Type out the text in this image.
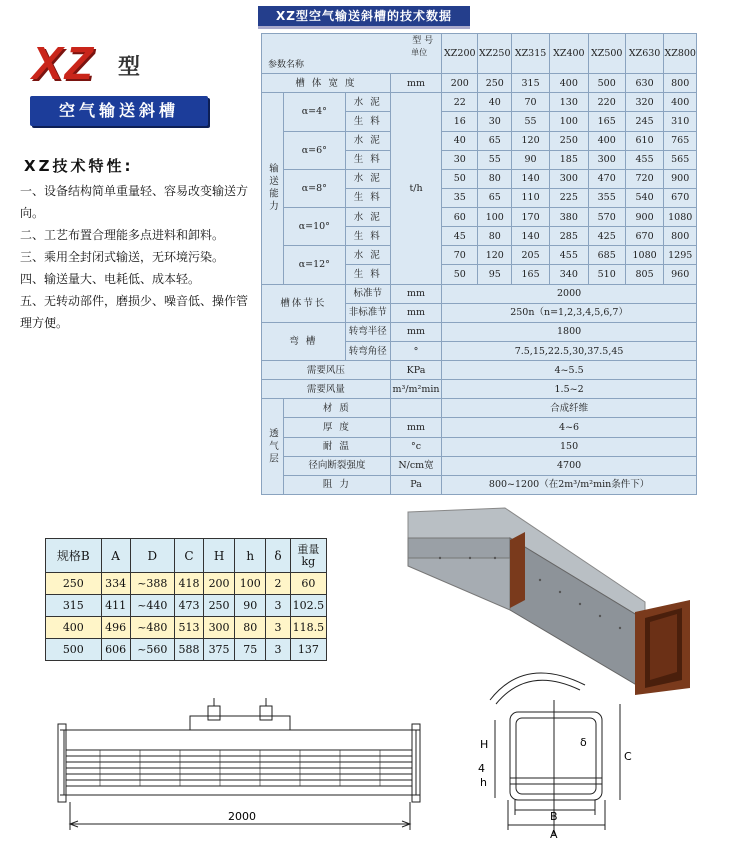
XZ 型
空气输送斜槽
XZ技术特性:
一、设备结构简单重量轻、容易改变输送方向。
二、工艺布置合理能多点进料和卸料。
三、乘用全封闭式输送，无环境污染。
四、输送量大、电耗低、成本轻。
五、无转动部件，磨损少、噪音低、操作管理方便。
XZ型空气输送斜槽的技术数据
型 号
单位
参数名称				XZ200	XZ250	XZ315	XZ400	XZ500	XZ630	XZ800
槽 体 宽 度			mm	200	250	315	400	500	630	800
输送能力	α=4°	水 泥	t/h	22	40	70	130	220	320	400
		生 料		16	30	55	100	165	245	310
	α=6°	水 泥		40	65	120	250	400	610	765
		生 料		30	55	90	185	300	455	565
	α=8°	水 泥		50	80	140	300	470	720	900
		生 料		35	65	110	225	355	540	670
	α=10°	水 泥		60	100	170	380	570	900	1080
		生 料		45	80	140	285	425	670	800
	α=12°	水 泥		70	120	205	455	685	1080	1295
		生 料		50	95	165	340	510	805	960
槽体节长		标准节	mm	2000						
		非标准节	mm	250n（n=1,2,3,4,5,6,7）						
弯 槽		转弯半径	mm	1800						
		转弯角径	°	7.5,15,22.5,30,37.5,45						
需要风压			KPa	4~5.5						
需要风量			m³/m²min	1.5~2						
透气层	材 质			合成纤维						
	厚 度		mm	4~6						
	耐 温		°c	150						
	径向断裂强度		N/cm宽	4700						
	阻 力		Pa	800~1200（在2m³/m²min条件下）						
规格B	A	D	C	H	h	δ	重量 kg
250	334	~388	418	200	100	2	60
315	411	~440	473	250	90	3	102.5
400	496	~480	513	300	80	3	118.5
500	606	~560	588	375	75	3	137
2000
H
4
h
C
B
A
δ
